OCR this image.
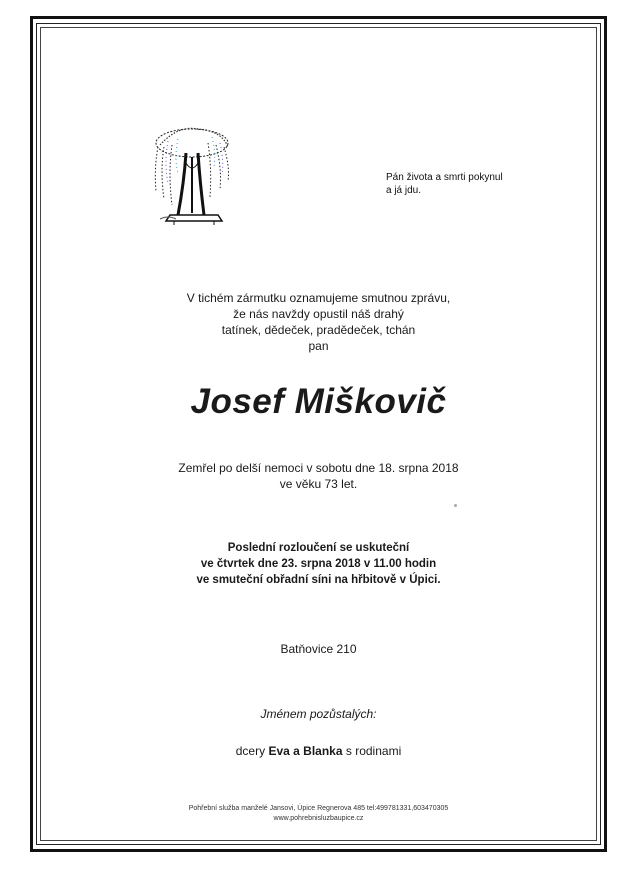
Pán života a smrti pokynul
a já jdu.
V tichém zármutku oznamujeme smutnou zprávu,
že nás navždy opustil náš drahý
tatínek, dědeček, pradědeček, tchán
pan
Josef Miškovič
Zemřel po delší nemoci v sobotu dne 18. srpna 2018
ve věku 73 let.
Poslední rozloučení se uskuteční
ve čtvrtek dne 23. srpna 2018 v 11.00 hodin
ve smuteční obřadní síni na hřbitově v Úpici.
Batňovice 210
Jménem pozůstalých:
dcery Eva a Blanka s rodinami
Pohřební služba manželé Jansovi, Úpice Regnerova 485 tel:499781331,603470305
www.pohrebnisluzbaupice.cz
